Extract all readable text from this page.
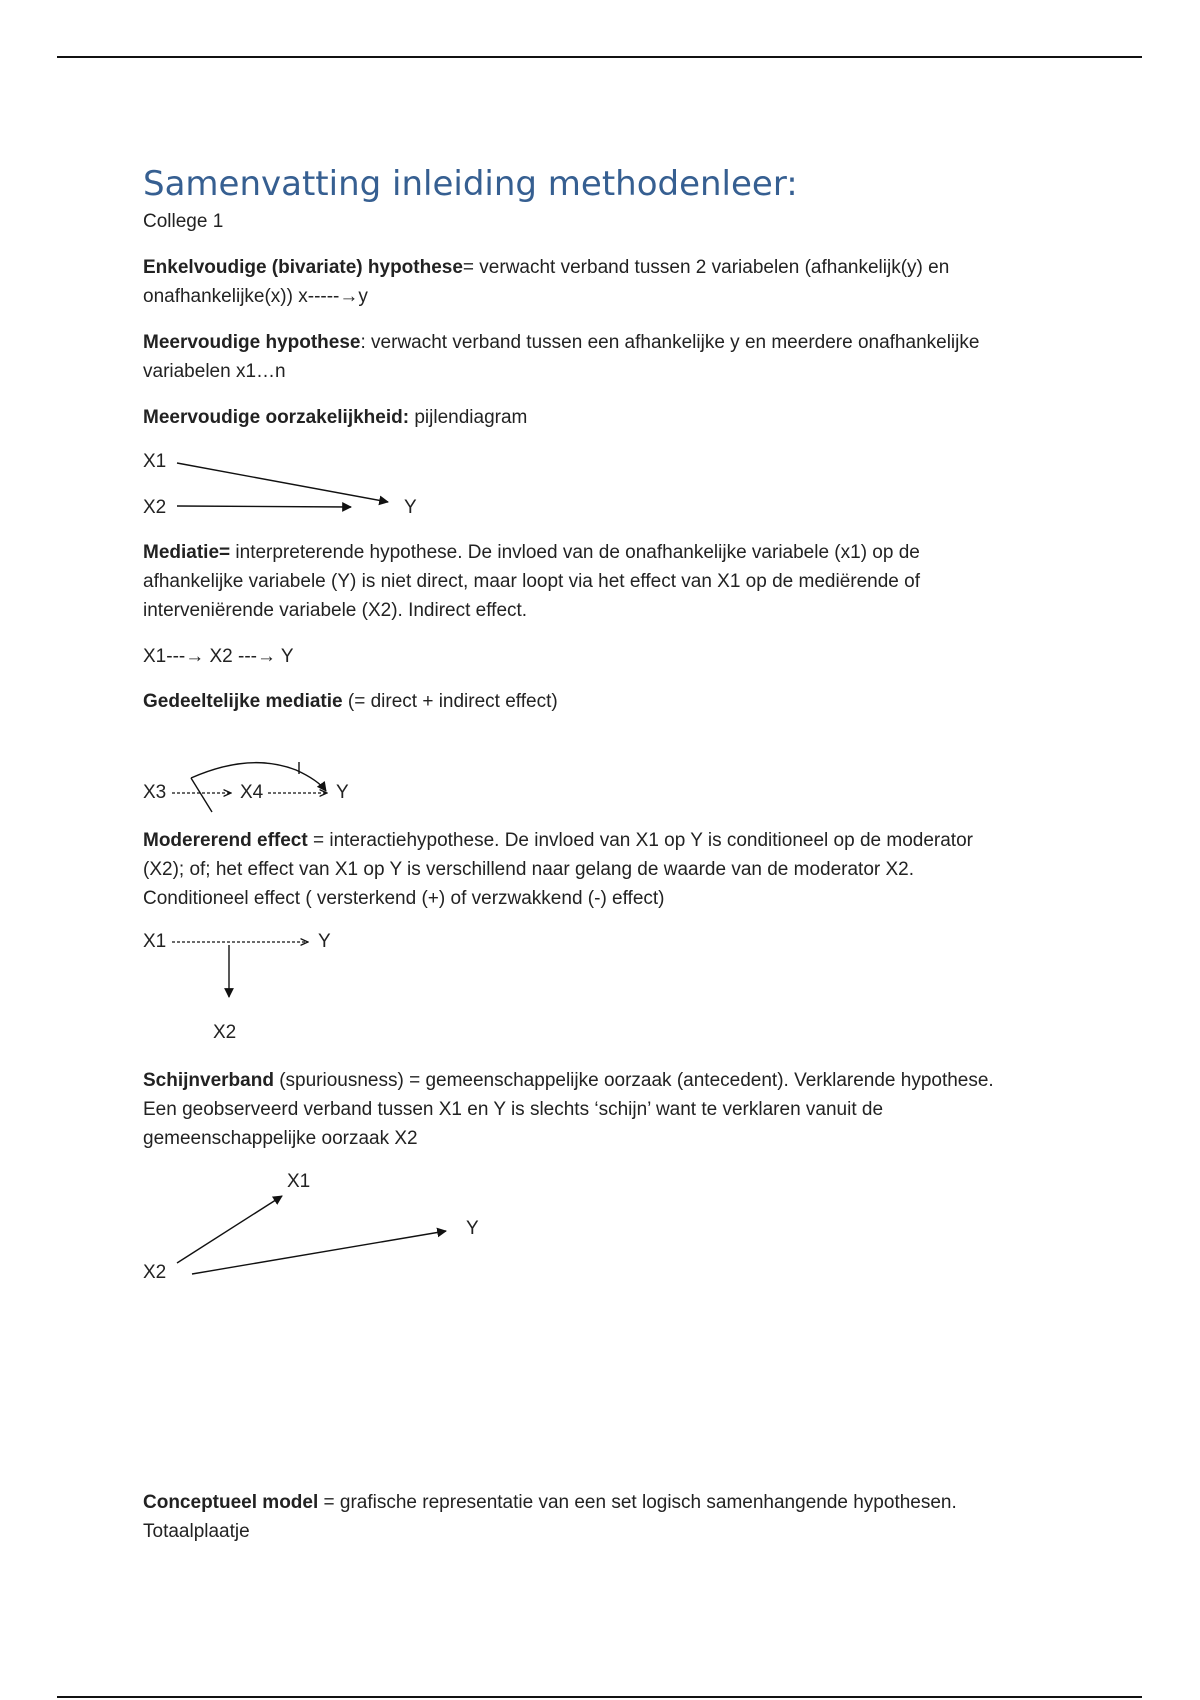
Samenvatting inleiding methodenleer:
College 1
Enkelvoudige (bivariate) hypothese= verwacht verband tussen 2 variabelen (afhankelijk(y) en
onafhankelijke(x)) x-----→y
Meervoudige hypothese: verwacht verband tussen een afhankelijke y en meerdere onafhankelijke
variabelen x1…n
Meervoudige oorzakelijkheid: pijlendiagram
X1
X2	Y
Mediatie= interpreterende hypothese. De invloed van de onafhankelijke variabele (x1) op de
afhankelijke variabele (Y) is niet direct, maar loopt via het effect van X1 op de mediërende of
interveniërende variabele (X2). Indirect effect.
X1---→ X2 ---→ Y
Gedeeltelijke mediatie (= direct + indirect effect)
X3	X4	Y
Modererend effect = interactiehypothese. De invloed van X1 op Y is conditioneel op de moderator
(X2); of; het effect van X1 op Y is verschillend naar gelang de waarde van de moderator X2.
Conditioneel effect ( versterkend (+) of verzwakkend (-) effect)
X1	Y
X2
Schijnverband (spuriousness) = gemeenschappelijke oorzaak (antecedent). Verklarende hypothese.
Een geobserveerd verband tussen X1 en Y is slechts ‘schijn’ want te verklaren vanuit de
gemeenschappelijke oorzaak X2
X1
Y
X2
Conceptueel model = grafische representatie van een set logisch samenhangende hypothesen.
Totaalplaatje
